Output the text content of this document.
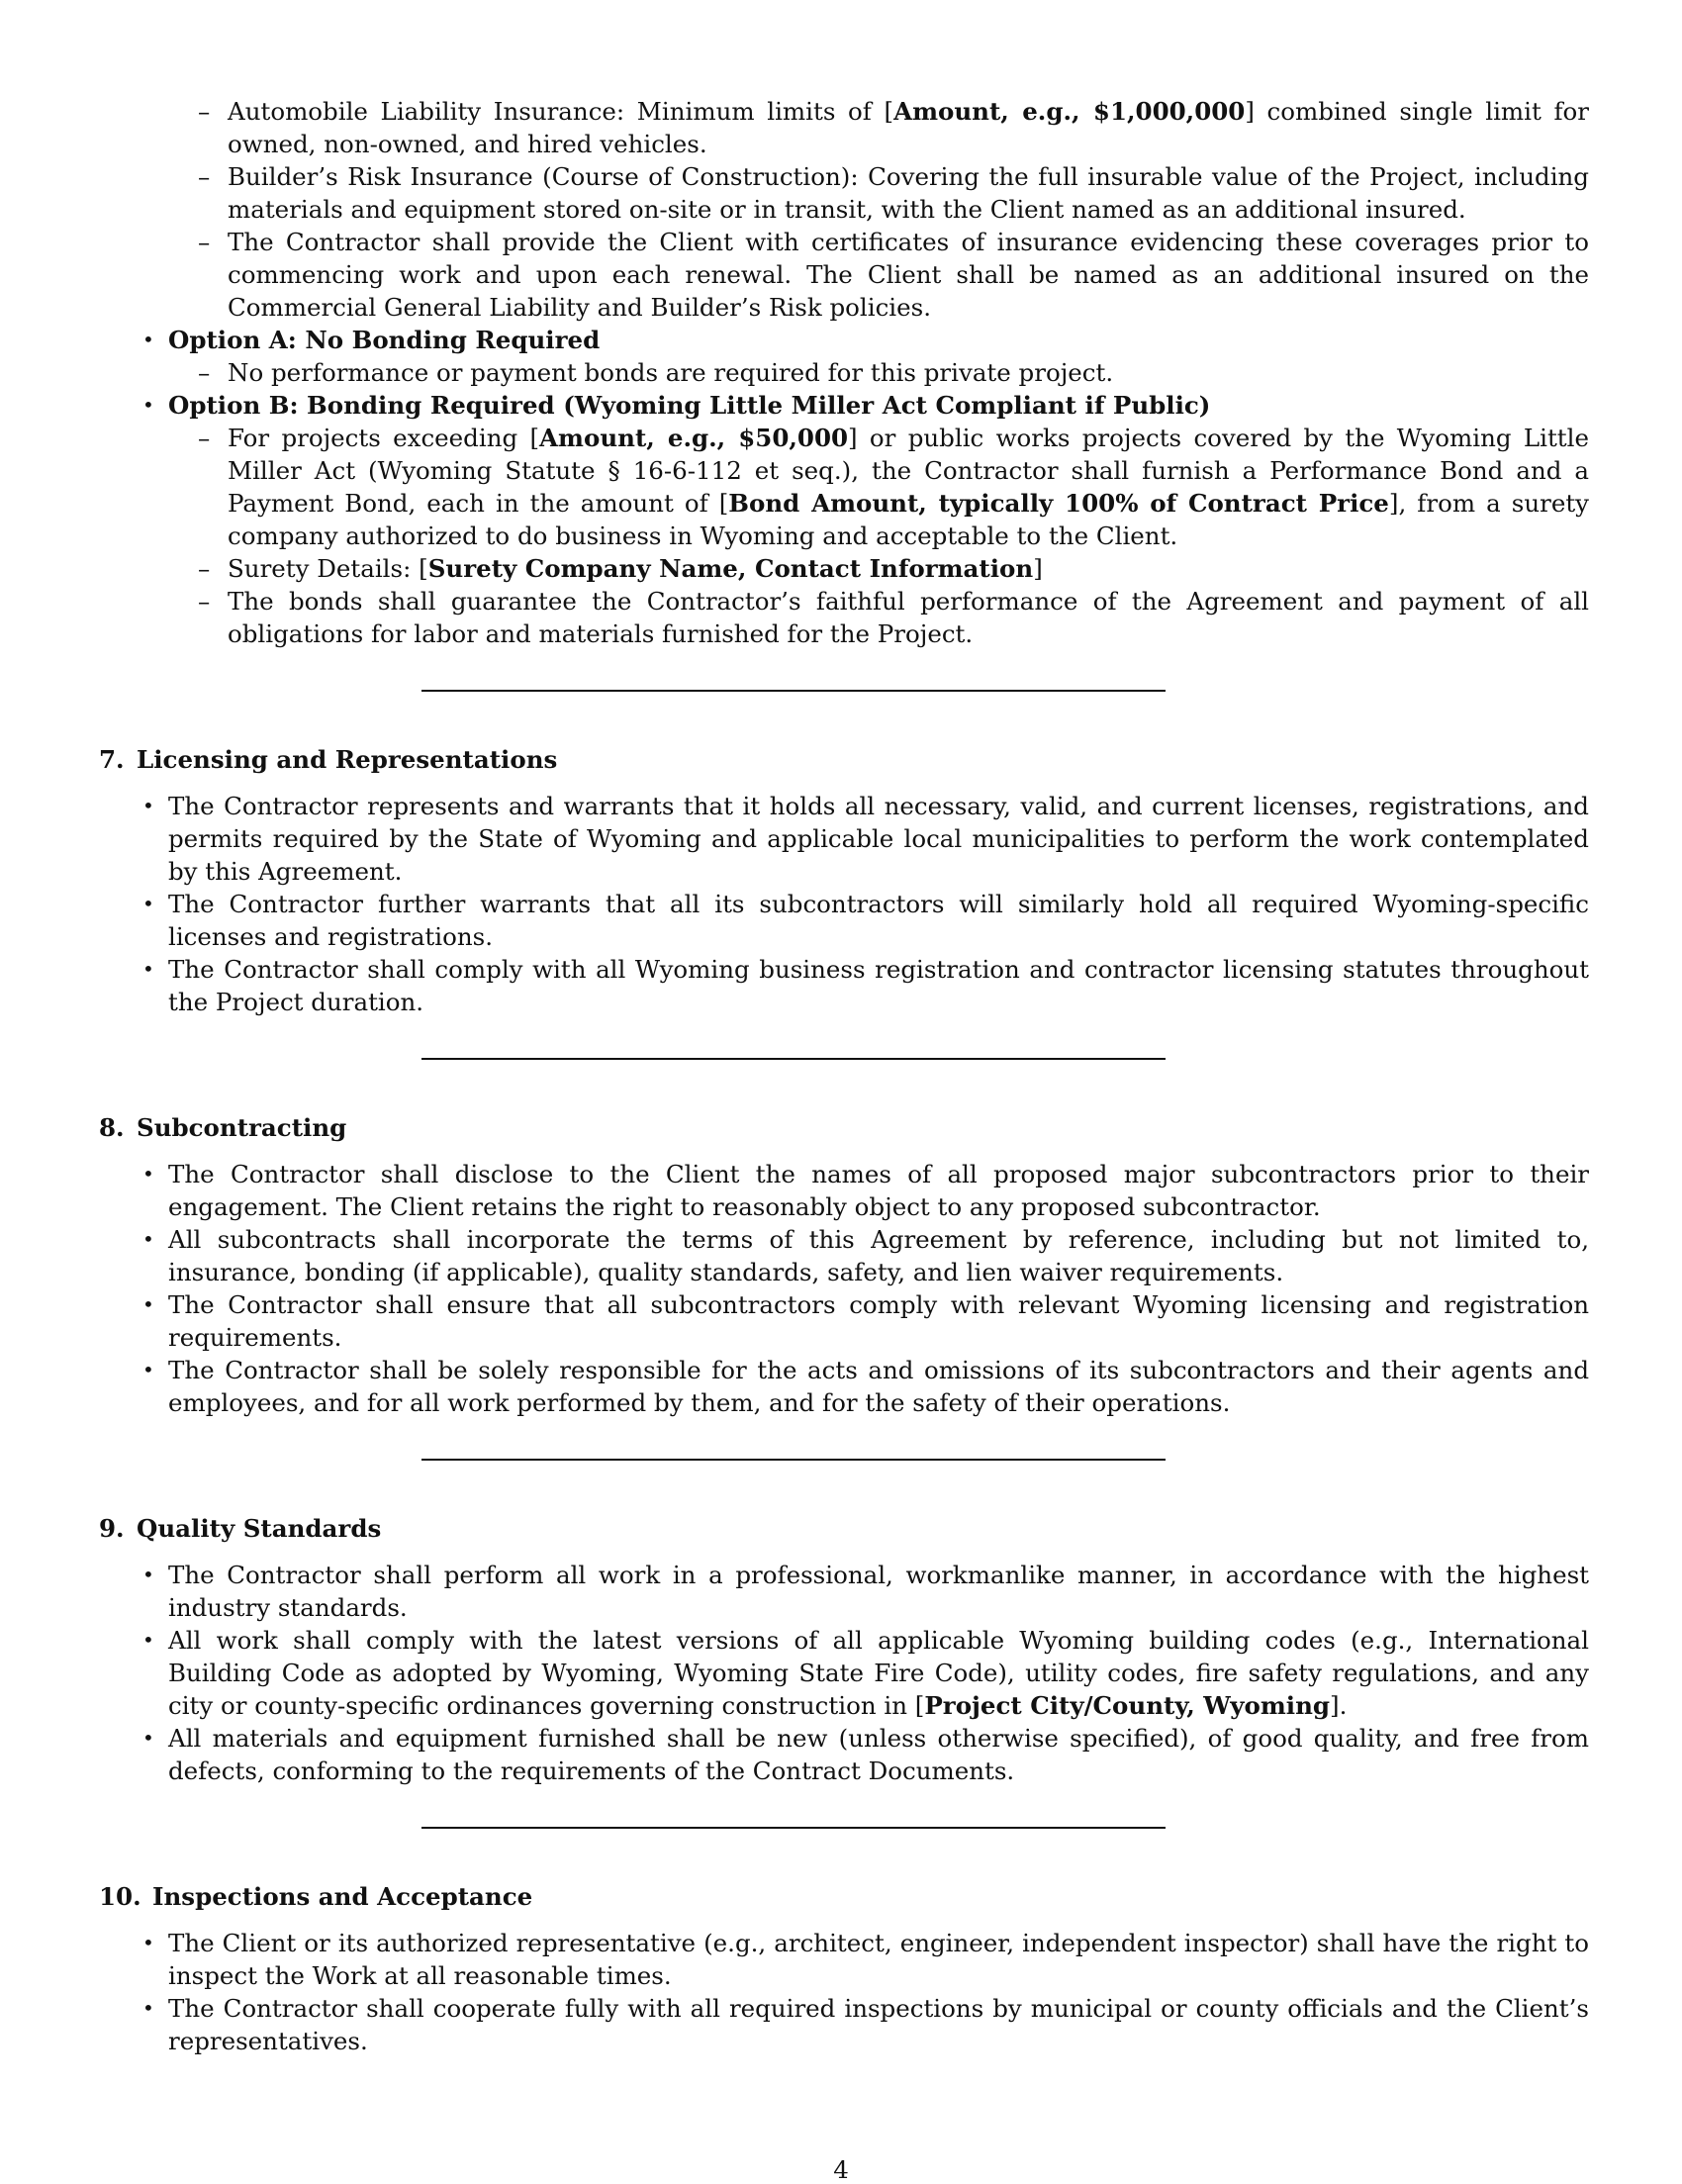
– Automobile Liability Insurance: Minimum limits of [Amount, e.g., $1,000,000] combined single limit for owned, non-owned, and hired vehicles.
– Builder’s Risk Insurance (Course of Construction): Covering the full insurable value of the Project, including materials and equipment stored on-site or in transit, with the Client named as an additional insured.
– The Contractor shall provide the Client with certificates of insurance evidencing these coverages prior to commencing work and upon each renewal. The Client shall be named as an additional insured on the Commercial General Liability and Builder’s Risk policies.
• Option A: No Bonding Required
– No performance or payment bonds are required for this private project.
• Option B: Bonding Required (Wyoming Little Miller Act Compliant if Public)
– For projects exceeding [Amount, e.g., $50,000] or public works projects covered by the Wyoming Little Miller Act (Wyoming Statute § 16-6-112 et seq.), the Contractor shall furnish a Performance Bond and a Payment Bond, each in the amount of [Bond Amount, typically 100% of Contract Price], from a surety company authorized to do business in Wyoming and acceptable to the Client.
– Surety Details: [Surety Company Name, Contact Information]
– The bonds shall guarantee the Contractor’s faithful performance of the Agreement and payment of all obligations for labor and materials furnished for the Project.
7. Licensing and Representations
• The Contractor represents and warrants that it holds all necessary, valid, and current licenses, registrations, and permits required by the State of Wyoming and applicable local municipalities to perform the work contemplated by this Agreement.
• The Contractor further warrants that all its subcontractors will similarly hold all required Wyoming-specific licenses and registrations.
• The Contractor shall comply with all Wyoming business registration and contractor licensing statutes throughout the Project duration.
8. Subcontracting
• The Contractor shall disclose to the Client the names of all proposed major subcontractors prior to their engagement. The Client retains the right to reasonably object to any proposed subcontractor.
• All subcontracts shall incorporate the terms of this Agreement by reference, including but not limited to, insurance, bonding (if applicable), quality standards, safety, and lien waiver requirements.
• The Contractor shall ensure that all subcontractors comply with relevant Wyoming licensing and registration requirements.
• The Contractor shall be solely responsible for the acts and omissions of its subcontractors and their agents and employees, and for all work performed by them, and for the safety of their operations.
9. Quality Standards
• The Contractor shall perform all work in a professional, workmanlike manner, in accordance with the highest industry standards.
• All work shall comply with the latest versions of all applicable Wyoming building codes (e.g., International Building Code as adopted by Wyoming, Wyoming State Fire Code), utility codes, fire safety regulations, and any city or county-specific ordinances governing construction in [Project City/County, Wyoming].
• All materials and equipment furnished shall be new (unless otherwise specified), of good quality, and free from defects, conforming to the requirements of the Contract Documents.
10. Inspections and Acceptance
• The Client or its authorized representative (e.g., architect, engineer, independent inspector) shall have the right to inspect the Work at all reasonable times.
• The Contractor shall cooperate fully with all required inspections by municipal or county officials and the Client’s representatives.
4
